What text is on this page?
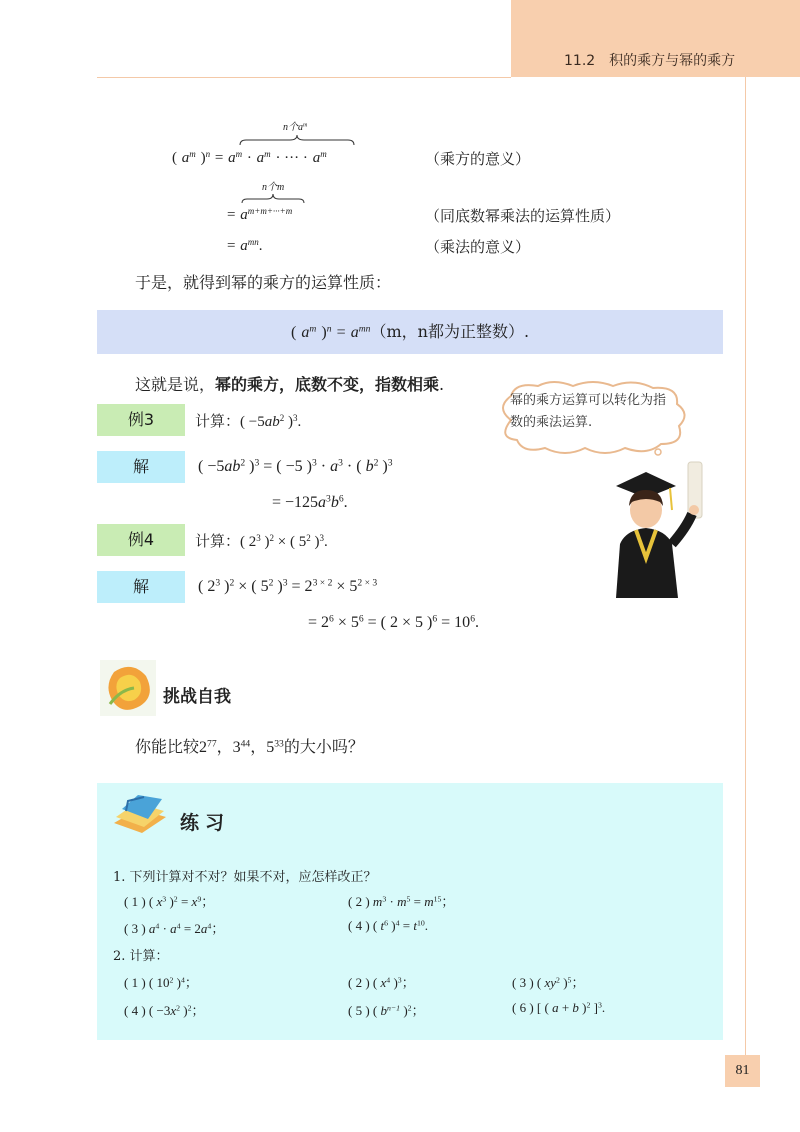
11.2　积的乘方与幂的乘方
n个$a^m$
( $a^m$ )$^n = a^m \cdot a^m$ · ··· · $a^m$	（乘方的意义）
n个m
= $a^{m+m+\cdot\cdot\cdot+m}$	（同底数幂乘法的运算性质）
= $a^{mn}$.	（乘法的意义）
于是，就得到幂的乘方的运算性质：
( $a^m$ )$^n = a^{mn}(m$，n都为正整数）.
这就是说，幂的乘方，底数不变，指数相乘.
幂的乘方运算可以转化为指数的乘法运算.
例3	计算：( $-5ab^2$ )$^3$.
解	( $-5ab^2$ )$^3$ = ( −5 )$^3 \cdot a^3$ · ( $b^2$ )$^3$
= $-125a^3b^6$.
例4	计算：( $2^3$ )$^2$ × ( $5^2$ )$^3$.
解	( $2^3$ )$^2$ × ( $5^2$ )$^3 = 2^{3 \times 2} \times 5^{2 \times 3}$
= $2^6 \times 5^6$ = ( 2 × 5 )$^6 = 10^6$.
挑战自我
你能比较$2^{77}$，$3^{44}$，$5^{33}$的大小吗？
练习
1. 下列计算对不对？如果不对，应怎样改正？
( 1 ) ( $x^3$ )$^2 = x^9$；	( 2 ) $m^3 \cdot m^5 = m^{15}$；
( 3 ) $a^4 \cdot a^4 = 2a^4$；	( 4 ) ( $t^6$ )$^4 = t^{10}$.
2. 计算：
( 1 ) ( $10^2$ )$^4$；	( 2 ) ( $x^4$ )$^3$；	( 3 ) ( $xy^2$ )$^5$；
( 4 ) ( $-3x^2$ )$^2$；	( 5 ) ( $b^{n-1}$ )$^2$；	( 6 ) [ ( a + b )$^2$ ]$^3$.
81
